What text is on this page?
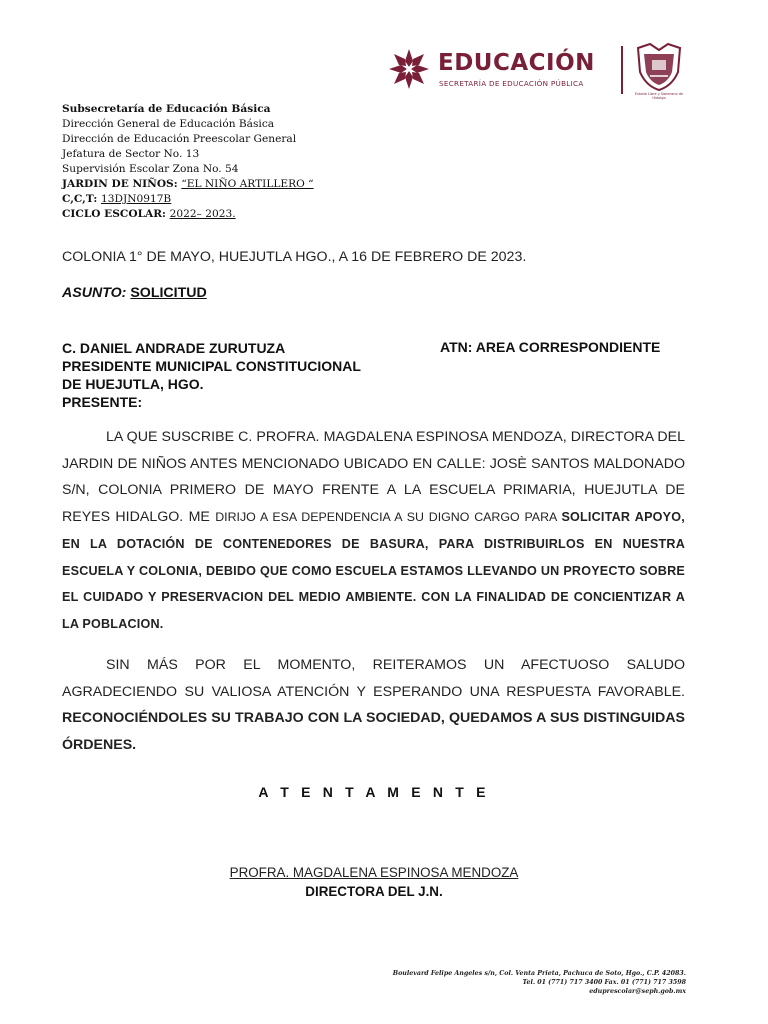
EDUCACIÓN
SECRETARÍA DE EDUCACIÓN PÚBLICA
Estado Libre y Soberano de Hidalgo
Subsecretaría de Educación Básica
Dirección General de Educación Básica
Dirección de Educación Preescolar General
Jefatura de Sector No. 13
Supervisión Escolar Zona No. 54
JARDIN DE NIÑOS: “EL NIÑO ARTILLERO “
C,C,T: 13DJN0917B
CICLO ESCOLAR: 2022– 2023.
COLONIA 1° DE MAYO, HUEJUTLA HGO., A 16 DE FEBRERO DE 2023.
ASUNTO: SOLICITUD
C. DANIEL ANDRADE ZURUTUZA
PRESIDENTE MUNICIPAL CONSTITUCIONAL
DE HUEJUTLA, HGO.
PRESENTE:
ATN: AREA CORRESPONDIENTE
LA QUE SUSCRIBE C. PROFRA. MAGDALENA ESPINOSA MENDOZA, DIRECTORA DEL JARDIN DE NIÑOS ANTES MENCIONADO UBICADO EN CALLE: JOSÈ SANTOS MALDONADO S/N, COLONIA PRIMERO DE MAYO FRENTE A LA ESCUELA PRIMARIA, HUEJUTLA DE REYES HIDALGO. ME DIRIJO A ESA DEPENDENCIA A SU DIGNO CARGO PARA SOLICITAR APOYO, EN LA DOTACIÓN DE CONTENEDORES DE BASURA, PARA DISTRIBUIRLOS EN NUESTRA ESCUELA Y COLONIA, DEBIDO QUE COMO ESCUELA ESTAMOS LLEVANDO UN PROYECTO SOBRE EL CUIDADO Y PRESERVACION DEL MEDIO AMBIENTE. CON LA FINALIDAD DE CONCIENTIZAR A LA POBLACION.
SIN MÁS POR EL MOMENTO, REITERAMOS UN AFECTUOSO SALUDO AGRADECIENDO SU VALIOSA ATENCIÓN Y ESPERANDO UNA RESPUESTA FAVORABLE. RECONOCIÉNDOLES SU TRABAJO CON LA SOCIEDAD, QUEDAMOS A SUS DISTINGUIDAS ÓRDENES.
A T E N T A M E N T E
PROFRA. MAGDALENA ESPINOSA MENDOZA
DIRECTORA DEL J.N.
Boulevard Felipe Angeles s/n, Col. Venta Prieta, Pachuca de Soto, Hgo., C.P. 42083.
Tel. 01 (771) 717 3400 Fax. 01 (771) 717 3598
eduprescolar@seph.gob.mx
